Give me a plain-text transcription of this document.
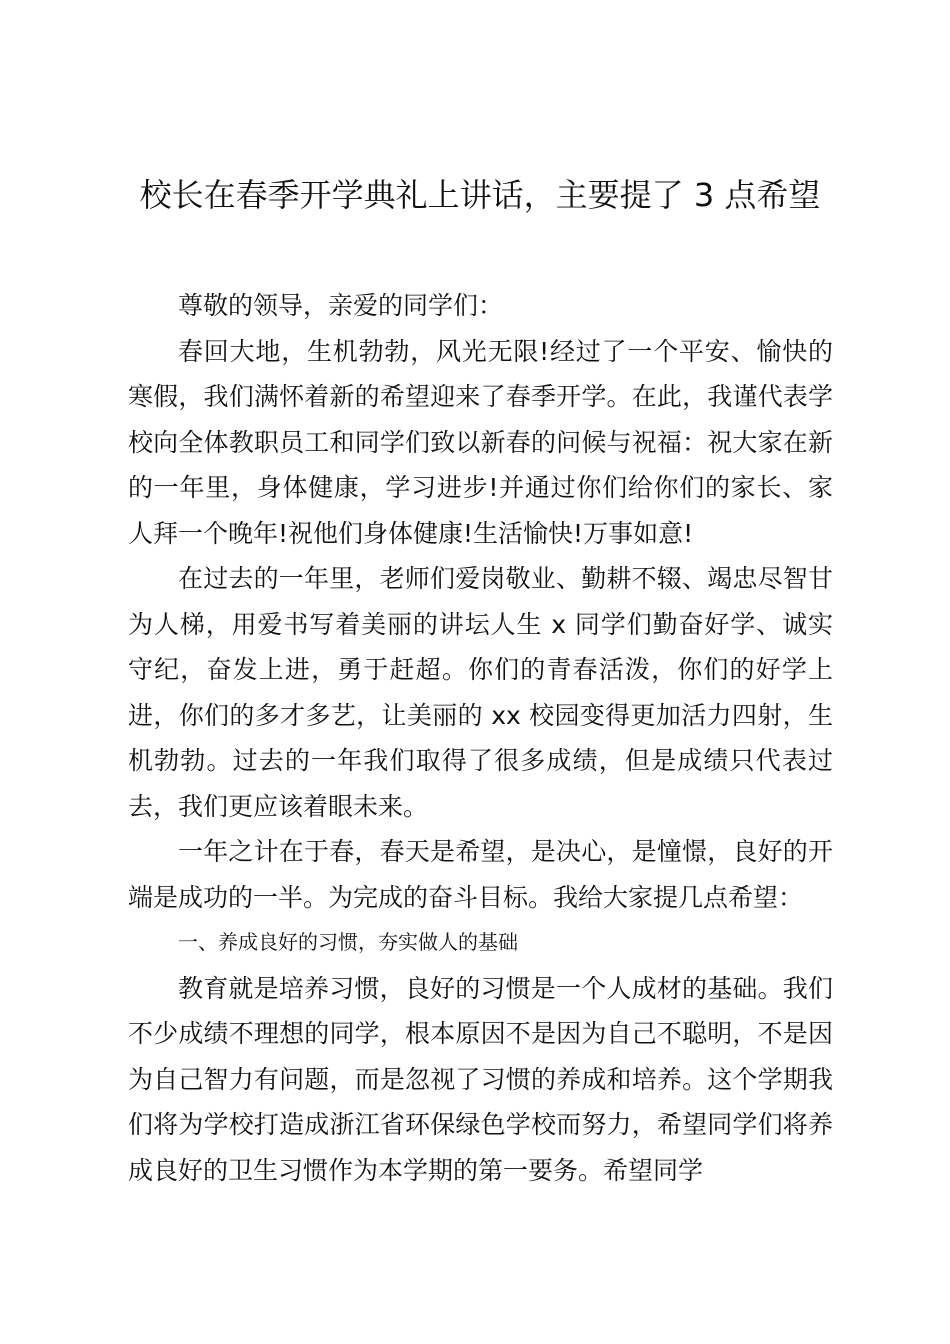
校长在春季开学典礼上讲话，主要提了 3 点希望

尊敬的领导，亲爱的同学们：

春回大地，生机勃勃，风光无限!经过了一个平安、愉快的寒假，我们满怀着新的希望迎来了春季开学。在此，我谨代表学校向全体教职员工和同学们致以新春的问候与祝福：祝大家在新的一年里，身体健康，学习进步!并通过你们给你们的家长、家人拜一个晚年!祝他们身体健康!生活愉快!万事如意!

在过去的一年里，老师们爱岗敬业、勤耕不辍、竭忠尽智甘为人梯，用爱书写着美丽的讲坛人生 x 同学们勤奋好学、诚实守纪，奋发上进，勇于赶超。你们的青春活泼，你们的好学上进，你们的多才多艺，让美丽的 xx 校园变得更加活力四射，生机勃勃。过去的一年我们取得了很多成绩，但是成绩只代表过去，我们更应该着眼未来。

一年之计在于春，春天是希望，是决心，是憧憬，良好的开端是成功的一半。为完成的奋斗目标。我给大家提几点希望：

一、养成良好的习惯，夯实做人的基础

教育就是培养习惯，良好的习惯是一个人成材的基础。我们不少成绩不理想的同学，根本原因不是因为自己不聪明，不是因为自己智力有问题，而是忽视了习惯的养成和培养。这个学期我们将为学校打造成浙江省环保绿色学校而努力，希望同学们将养成良好的卫生习惯作为本学期的第一要务。希望同学
